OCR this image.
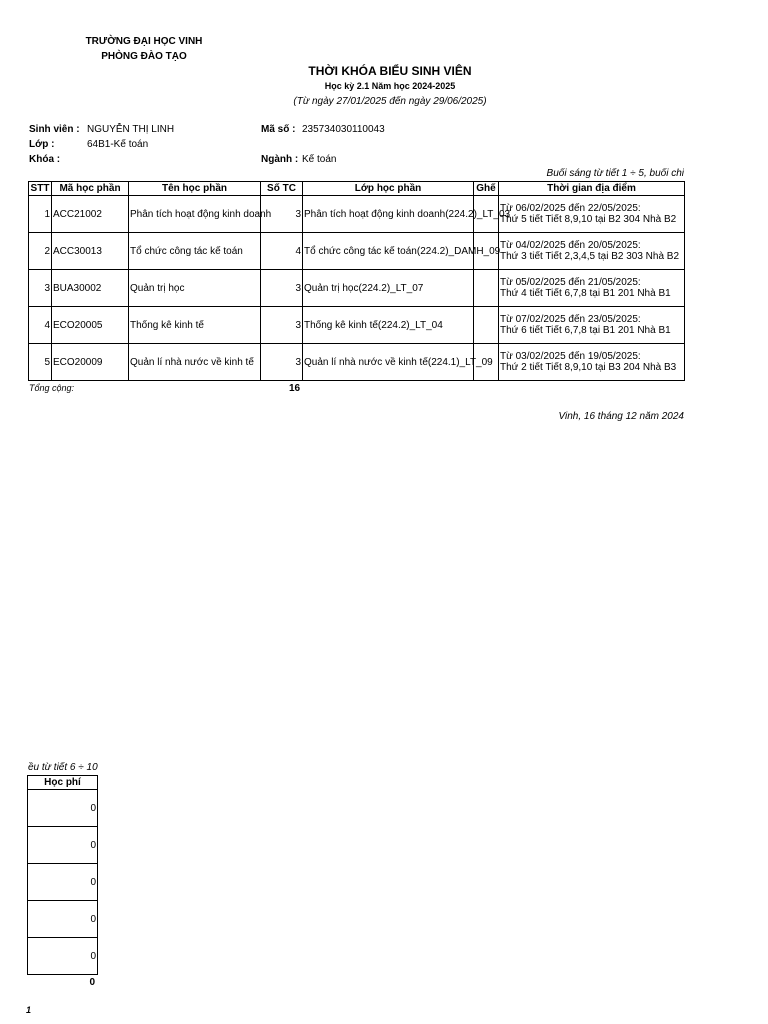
TRƯỜNG ĐẠI HỌC VINH
PHÒNG ĐÀO TẠO
THỜI KHÓA BIỂU SINH VIÊN
Học kỳ 2.1 Năm học 2024-2025
(Từ ngày 27/01/2025 đến ngày 29/06/2025)
Sinh viên : NGUYỄN THỊ LINH	Mã số : 235734030110043
Lớp :	64B1-Kế toán
Khóa :	Ngành : Kế toán
Buổi sáng từ tiết 1 ÷ 5, buổi chi
STT	Mã học phần	Tên học phần	Số TC	Lớp học phần	Ghế	Thời gian địa điểm
1	ACC21002	Phân tích hoạt động kinh doanh	3	Phân tích hoạt động kinh doanh(224.2)_LT_03		Từ 06/02/2025 đến 22/05/2025:
Thứ 5 tiết Tiết 8,9,10 tại B2 304 Nhà B2

2	ACC30013	Tổ chức công tác kế toán	4	Tổ chức công tác kế toán(224.2)_DAMH_09		Từ 04/02/2025 đến 20/05/2025:
Thứ 3 tiết Tiết 2,3,4,5 tại B2 303 Nhà B2

3	BUA30002	Quản trị học	3	Quản trị học(224.2)_LT_07		Từ 05/02/2025 đến 21/05/2025:
Thứ 4 tiết Tiết 6,7,8 tại B1 201 Nhà B1

4	ECO20005	Thống kê kinh tế	3	Thống kê kinh tế(224.2)_LT_04		Từ 07/02/2025 đến 23/05/2025:
Thứ 6 tiết Tiết 6,7,8 tại B1 201 Nhà B1

5	ECO20009	Quản lí nhà nước về kinh tế	3	Quản lí nhà nước về kinh tế(224.1)_LT_09		Từ 03/02/2025 đến 19/05/2025:
Thứ 2 tiết Tiết 8,9,10 tại B3 204 Nhà B3
Tổng cộng:	16
Vinh, 16 tháng 12 năm 2024
ều từ tiết 6 ÷ 10
Học phí
0
0
0
0
0
0
1
